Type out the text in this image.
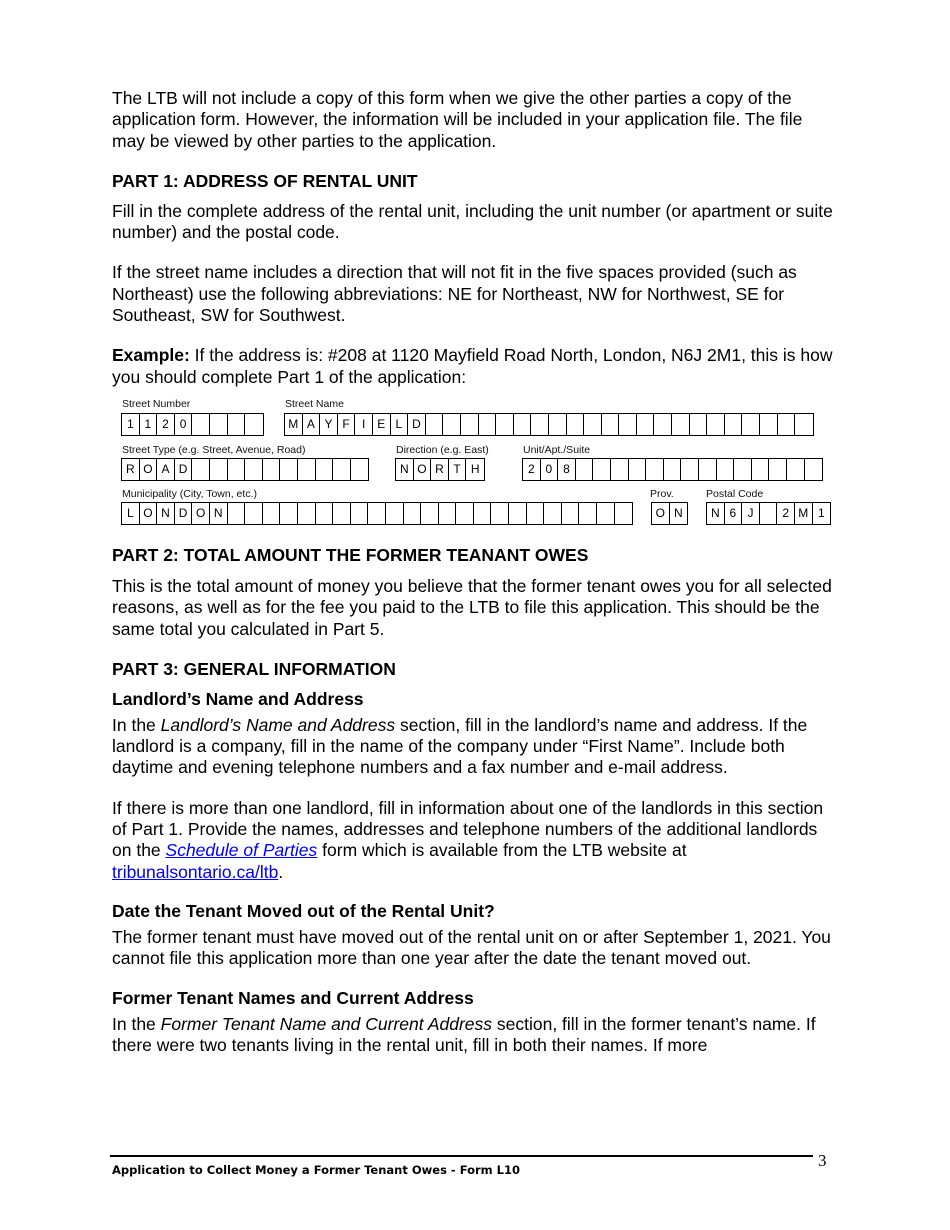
The LTB will not include a copy of this form when we give the other parties a copy of the application form. However, the information will be included in your application file. The file may be viewed by other parties to the application.

PART 1: ADDRESS OF RENTAL UNIT

Fill in the complete address of the rental unit, including the unit number (or apartment or suite number) and the postal code.

If the street name includes a direction that will not fit in the five spaces provided (such as Northeast) use the following abbreviations: NE for Northeast, NW for Northwest, SE for Southeast, SW for Southwest.

Example: If the address is: #208 at 1120 Mayfield Road North, London, N6J 2M1, this is how you should complete Part 1 of the application:

Street Number
1 1 2 0
Street Name
M A Y F	I E L D
Street Type (e.g. Street, Avenue, Road)
R O A D
Direction (e.g. East)
N O R T H
Unit/Apt./Suite
2 0 8
Municipality (City, Town, etc.)
L O N D O N
Prov.
O N
Postal Code
N 6 J	2 M 1
PART 2: TOTAL AMOUNT THE FORMER TEANANT OWES

This is the total amount of money you believe that the former tenant owes you for all selected reasons, as well as for the fee you paid to the LTB to file this application. This should be the same total you calculated in Part 5.

PART 3: GENERAL INFORMATION
Landlord’s Name and Address

In the Landlord’s Name and Address section, fill in the landlord’s name and address. If the landlord is a company, fill in the name of the company under “First Name”. Include both daytime and evening telephone numbers and a fax number and e-mail address.

If there is more than one landlord, fill in information about one of the landlords in this section of Part 1. Provide the names, addresses and telephone numbers of the additional landlords on the Schedule of Parties form which is available from the LTB website at tribunalsontario.ca/ltb.

Date the Tenant Moved out of the Rental Unit?

The former tenant must have moved out of the rental unit on or after September 1, 2021. You cannot file this application more than one year after the date the tenant moved out.

Former Tenant Names and Current Address

In the Former Tenant Name and Current Address section, fill in the former tenant’s name. If there were two tenants living in the rental unit, fill in both their names. If more

Application to Collect Money a Former Tenant Owes - Form L10	3
